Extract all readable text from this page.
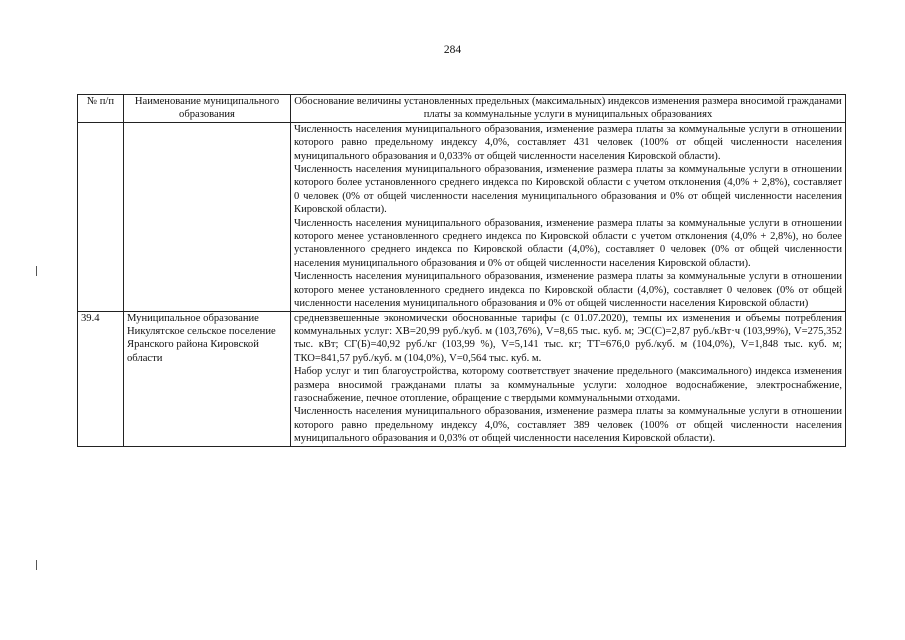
284
№ п/п	Наименование муниципального образования	Обоснование величины установленных предельных (максимальных) индексов изменения размера вносимой гражданами платы за коммунальные услуги в муниципальных образованиях

		Численность населения муниципального образования, изменение размера платы за коммунальные услуги в отношении которого равно предельному индексу 4,0%, составляет 431 человек (100% от общей численности населения муниципального образования и 0,033% от общей численности населения Кировской области).

Численность населения муниципального образования, изменение размера платы за коммунальные услуги в отношении которого более установленного среднего индекса по Кировской области с учетом отклонения (4,0% + 2,8%), составляет 0 человек (0% от общей численности населения муниципального образования и 0% от общей численности населения Кировской области).

Численность населения муниципального образования, изменение размера платы за коммунальные услуги в отношении которого менее установленного среднего индекса по Кировской области с учетом отклонения (4,0% + 2,8%), но более установленного среднего индекса по Кировской области (4,0%), составляет 0 человек (0% от общей численности населения муниципального образования и 0% от общей численности населения Кировской области).

Численность населения муниципального образования, изменение размера платы за коммунальные услуги в отношении которого менее установленного среднего индекса по Кировской области (4,0%), составляет 0 человек (0% от общей численности населения муниципального образования и 0% от общей численности населения Кировской области)

39.4	Муниципальное образование Никулятское сельское поселение Яранского района Кировской области	средневзвешенные экономически обоснованные тарифы (с 01.07.2020), темпы их изменения и объемы потребления коммунальных услуг: ХВ=20,99 руб./куб. м (103,76%), V=8,65 тыс. куб. м; ЭС(С)=2,87 руб./кВт·ч (103,99%), V=275,352 тыс. кВт; СГ(Б)=40,92 руб./кг (103,99 %), V=5,141 тыс. кг; ТТ=676,0 руб./куб. м (104,0%), V=1,848 тыс. куб. м; ТКО=841,57 руб./куб. м (104,0%), V=0,564 тыс. куб. м.

Набор услуг и тип благоустройства, которому соответствует значение предельного (максимального) индекса изменения размера вносимой гражданами платы за коммунальные услуги: холодное водоснабжение, электроснабжение, газоснабжение, печное отопление, обращение с твердыми коммунальными отходами.

Численность населения муниципального образования, изменение размера платы за коммунальные услуги в отношении которого равно предельному индексу 4,0%, составляет 389 человек (100% от общей численности населения муниципального образования и 0,03% от общей численности населения Кировской области).
